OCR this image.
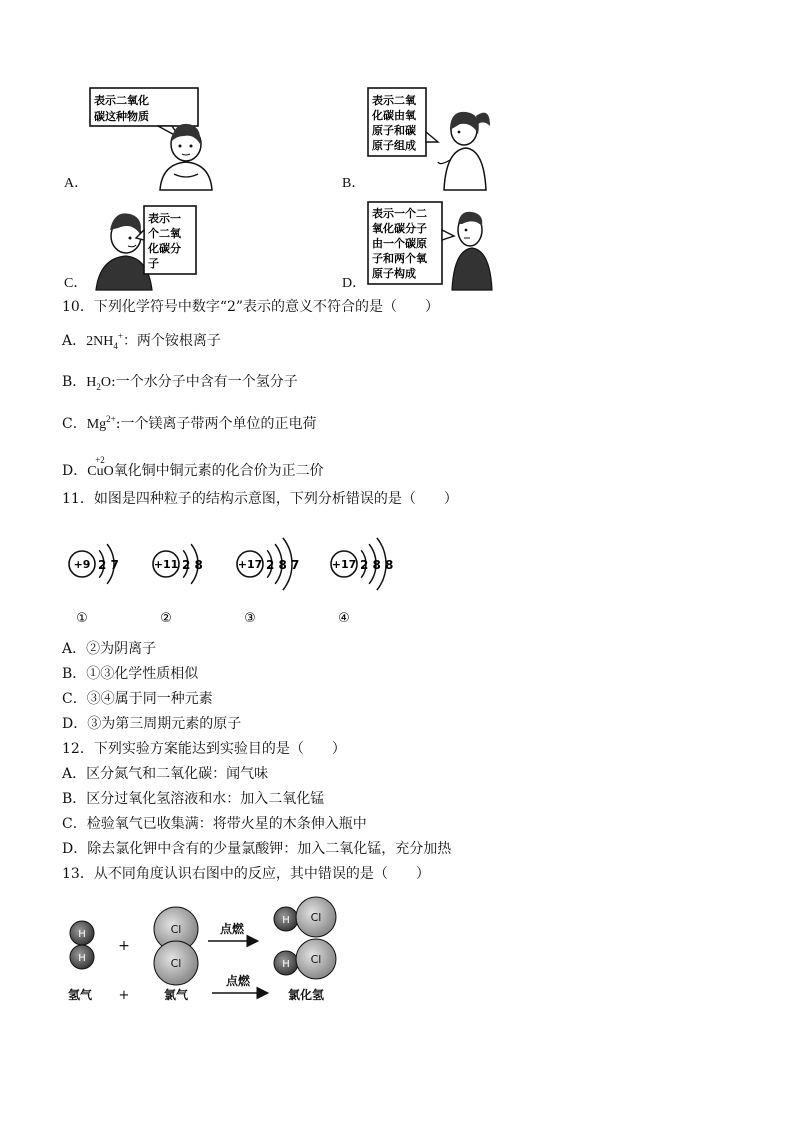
A．
表示二氧化
碳这种物质
B．
表示二氧
化碳由氧
原子和碳
原子组成
C．
表示一
个二氧
化碳分
子
D．
表示一个二
氧化碳分子
由一个碳原
子和两个氧
原子构成
10．下列化学符号中数字“2”表示的意义不符合的是（　　）
A．$2NH_4^+$：两个铵根离子
B．$H_2O$:一个水分子中含有一个氢分子
C．$Mg^{2+}$:一个镁离子带两个单位的正电荷
D．
+2
CuO氧化铜中铜元素的化合价为正二价
11．如图是四种粒子的结构示意图，下列分析错误的是（　　）
+9 2 7
①
+11 2 8
②
+17 2 8 7
③
+17 2 8 8
④
A．②为阴离子
B．①③化学性质相似
C．③④属于同一种元素
D．③为第三周期元素的原子
12．下列实验方案能达到实验目的是（　　）
A．区分氮气和二氧化碳：闻气味
B．区分过氧化氢溶液和水：加入二氧化锰
C．检验氧气已收集满：将带火星的木条伸入瓶中
D．除去氯化钾中含有的少量氯酸钾：加入二氧化锰，充分加热
13．从不同角度认识右图中的反应，其中错误的是（　　）
H
H
+
Cl
Cl
点燃
H Cl
H Cl
氢气 +	氯气
点燃
氯化氢
